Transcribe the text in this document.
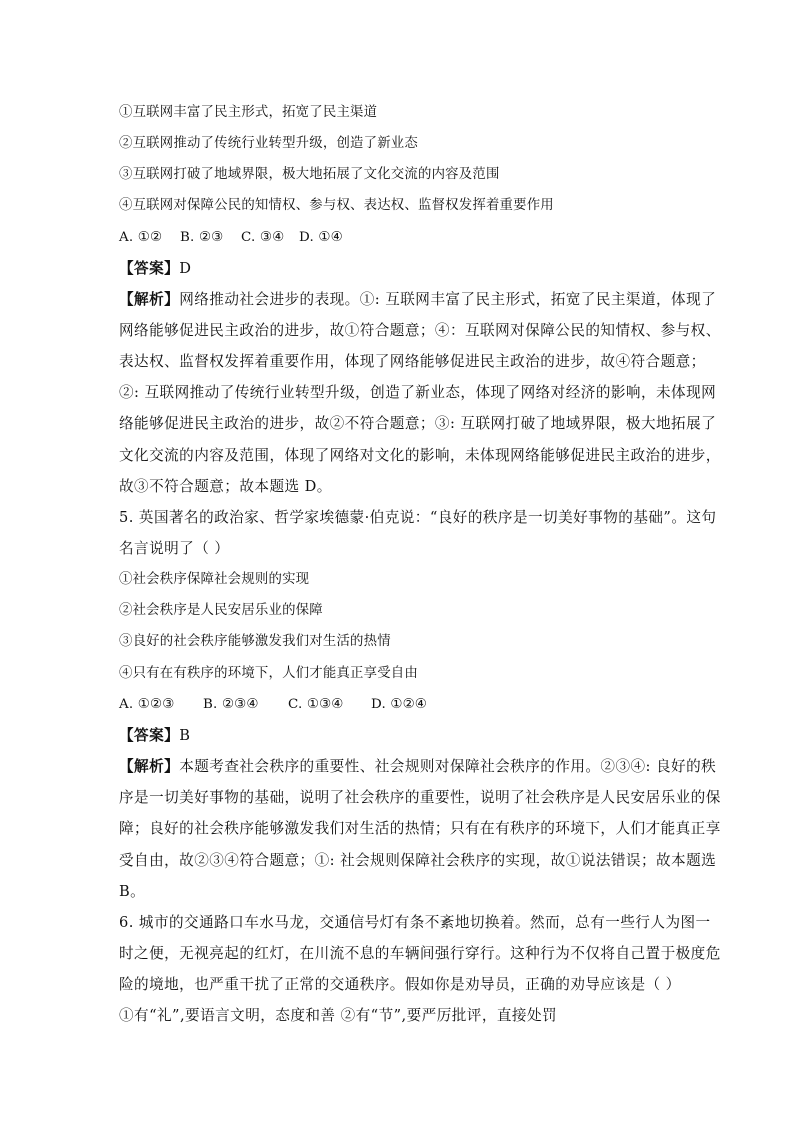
①互联网丰富了民主形式，拓宽了民主渠道
②互联网推动了传统行业转型升级，创造了新业态
③互联网打破了地域界限，极大地拓展了文化交流的内容及范围
④互联网对保障公民的知情权、参与权、表达权、监督权发挥着重要作用
A. ①② B. ②③ C. ③④ D. ①④
【答案】D
【解析】网络推动社会进步的表现。①: 互联网丰富了民主形式，拓宽了民主渠道，体现了
网络能够促进民主政治的进步，故①符合题意；④：互联网对保障公民的知情权、参与权、
表达权、监督权发挥着重要作用，体现了网络能够促进民主政治的进步，故④符合题意；
②: 互联网推动了传统行业转型升级，创造了新业态，体现了网络对经济的影响，未体现网
络能够促进民主政治的进步，故②不符合题意；③: 互联网打破了地域界限，极大地拓展了
文化交流的内容及范围，体现了网络对文化的影响，未体现网络能够促进民主政治的进步，
故③不符合题意；故本题选 D。
5. 英国著名的政治家、哲学家埃德蒙·伯克说：“良好的秩序是一切美好事物的基础”。这句
名言说明了（ ）
①社会秩序保障社会规则的实现
②社会秩序是人民安居乐业的保障
③良好的社会秩序能够激发我们对生活的热情
④只有在有秩序的环境下，人们才能真正享受自由
A. ①②③ B. ②③④ C. ①③④ D. ①②④
【答案】B
【解析】本题考查社会秩序的重要性、社会规则对保障社会秩序的作用。②③④: 良好的秩
序是一切美好事物的基础，说明了社会秩序的重要性，说明了社会秩序是人民安居乐业的保
障；良好的社会秩序能够激发我们对生活的热情；只有在有秩序的环境下，人们才能真正享
受自由，故②③④符合题意；①: 社会规则保障社会秩序的实现，故①说法错误；故本题选
B。
6. 城市的交通路口车水马龙，交通信号灯有条不紊地切换着。然而，总有一些行人为图一
时之便，无视亮起的红灯，在川流不息的车辆间强行穿行。这种行为不仅将自己置于极度危
险的境地，也严重干扰了正常的交通秩序。假如你是劝导员，正确的劝导应该是（ ）
①有“礼”,要语言文明，态度和善 ②有“节”,要严厉批评，直接处罚
